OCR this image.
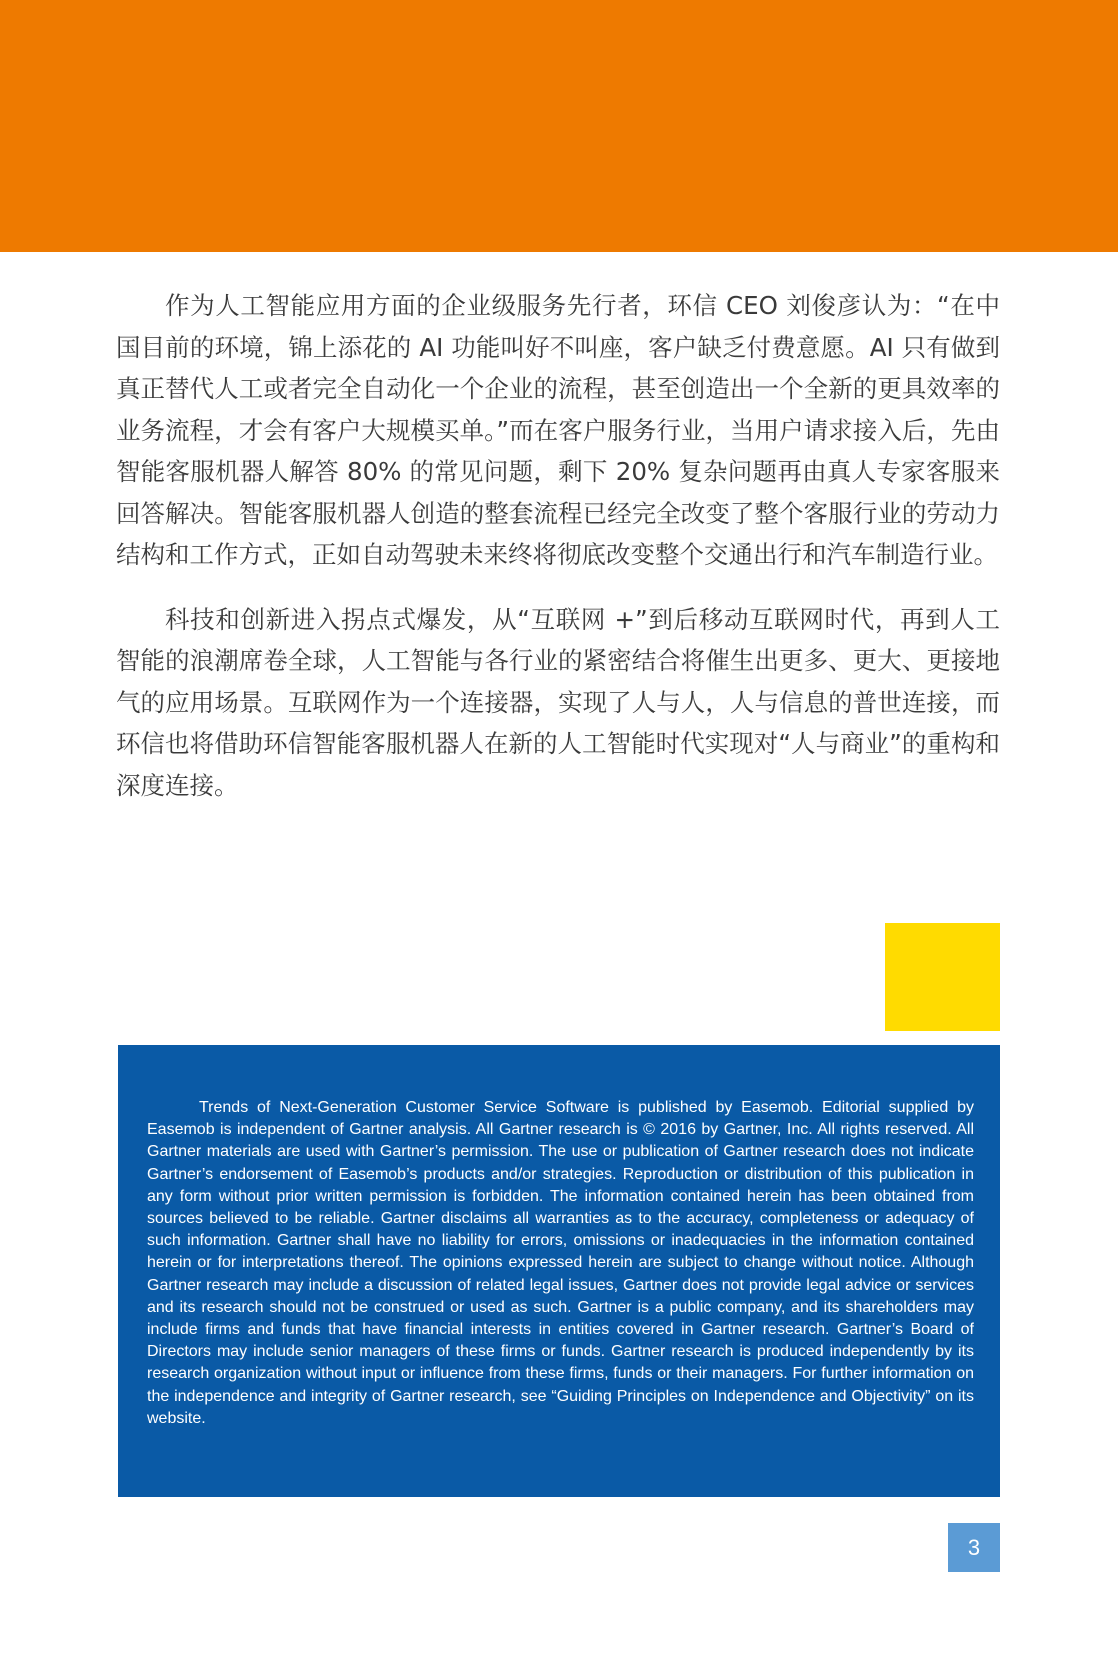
作为人工智能应用方面的企业级服务先行者，环信 CEO 刘俊彦认为：“在中国目前的环境，锦上添花的 AI 功能叫好不叫座，客户缺乏付费意愿。AI 只有做到真正替代人工或者完全自动化一个企业的流程，甚至创造出一个全新的更具效率的业务流程，才会有客户大规模买单。”而在客户服务行业，当用户请求接入后，先由智能客服机器人解答 80% 的常见问题，剩下 20% 复杂问题再由真人专家客服来回答解决。智能客服机器人创造的整套流程已经完全改变了整个客服行业的劳动力结构和工作方式，正如自动驾驶未来终将彻底改变整个交通出行和汽车制造行业。

科技和创新进入拐点式爆发，从“互联网 +”到后移动互联网时代，再到人工智能的浪潮席卷全球，人工智能与各行业的紧密结合将催生出更多、更大、更接地气的应用场景。互联网作为一个连接器，实现了人与人，人与信息的普世连接，而环信也将借助环信智能客服机器人在新的人工智能时代实现对“人与商业”的重构和深度连接。

Trends of Next-Generation Customer Service Software is published by Easemob. Editorial supplied by Easemob is independent of Gartner analysis. All Gartner research is © 2016 by Gartner, Inc. All rights reserved. All Gartner materials are used with Gartner’s permission. The use or publication of Gartner research does not indicate Gartner’s endorsement of Easemob’s products and/or strategies. Reproduction or distribution of this publication in any form without prior written permission is forbidden. The information contained herein has been obtained from sources believed to be reliable. Gartner disclaims all warranties as to the accuracy, completeness or adequacy of such information. Gartner shall have no liability for errors, omissions or inadequacies in the information contained herein or for interpretations thereof. The opinions expressed herein are subject to change without notice. Although Gartner research may include a discussion of related legal issues, Gartner does not provide legal advice or services and its research should not be construed or used as such. Gartner is a public company, and its shareholders may include firms and funds that have financial interests in entities covered in Gartner research. Gartner’s Board of Directors may include senior managers of these firms or funds. Gartner research is produced independently by its research organization without input or influence from these firms, funds or their managers. For further information on the independence and integrity of Gartner research, see “Guiding Principles on Independence and Objectivity” on its website.

3
